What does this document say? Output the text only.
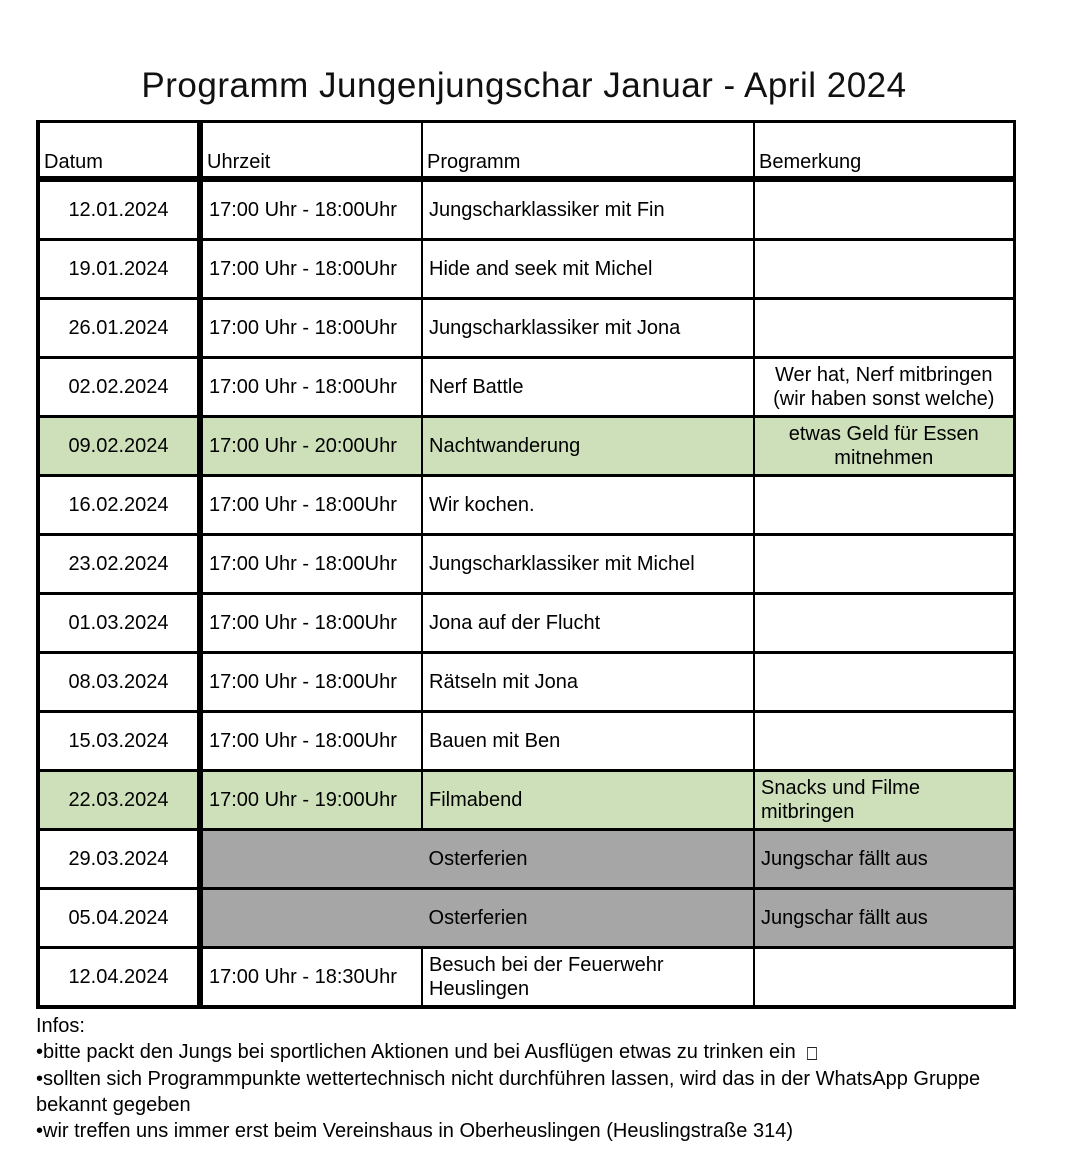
Programm Jungenjungschar Januar - April 2024
Datum	Uhrzeit	Programm	Bemerkung
12.01.2024	17:00 Uhr - 18:00Uhr	Jungscharklassiker mit Fin	
19.01.2024	17:00 Uhr - 18:00Uhr	Hide and seek mit Michel	
26.01.2024	17:00 Uhr - 18:00Uhr	Jungscharklassiker mit Jona	
02.02.2024	17:00 Uhr - 18:00Uhr	Nerf Battle	Wer hat, Nerf mitbringen (wir haben sonst welche)
09.02.2024	17:00 Uhr - 20:00Uhr	Nachtwanderung	etwas Geld für Essen mitnehmen
16.02.2024	17:00 Uhr - 18:00Uhr	Wir kochen.	
23.02.2024	17:00 Uhr - 18:00Uhr	Jungscharklassiker mit Michel	
01.03.2024	17:00 Uhr - 18:00Uhr	Jona auf der Flucht	
08.03.2024	17:00 Uhr - 18:00Uhr	Rätseln mit Jona	
15.03.2024	17:00 Uhr - 18:00Uhr	Bauen mit Ben	
22.03.2024	17:00 Uhr - 19:00Uhr	Filmabend	Snacks und Filme mitbringen
29.03.2024	Osterferien		Jungschar fällt aus
05.04.2024	Osterferien		Jungschar fällt aus
12.04.2024	17:00 Uhr - 18:30Uhr	Besuch bei der Feuerwehr Heuslingen	

Infos:

•bitte packt den Jungs bei sportlichen Aktionen und bei Ausflügen etwas zu trinken ein □
•sollten sich Programmpunkte wettertechnisch nicht durchführen lassen, wird das in der WhatsApp Gruppe bekannt gegeben
•wir treffen uns immer erst beim Vereinshaus in Oberheuslingen (Heuslingstraße 314)
